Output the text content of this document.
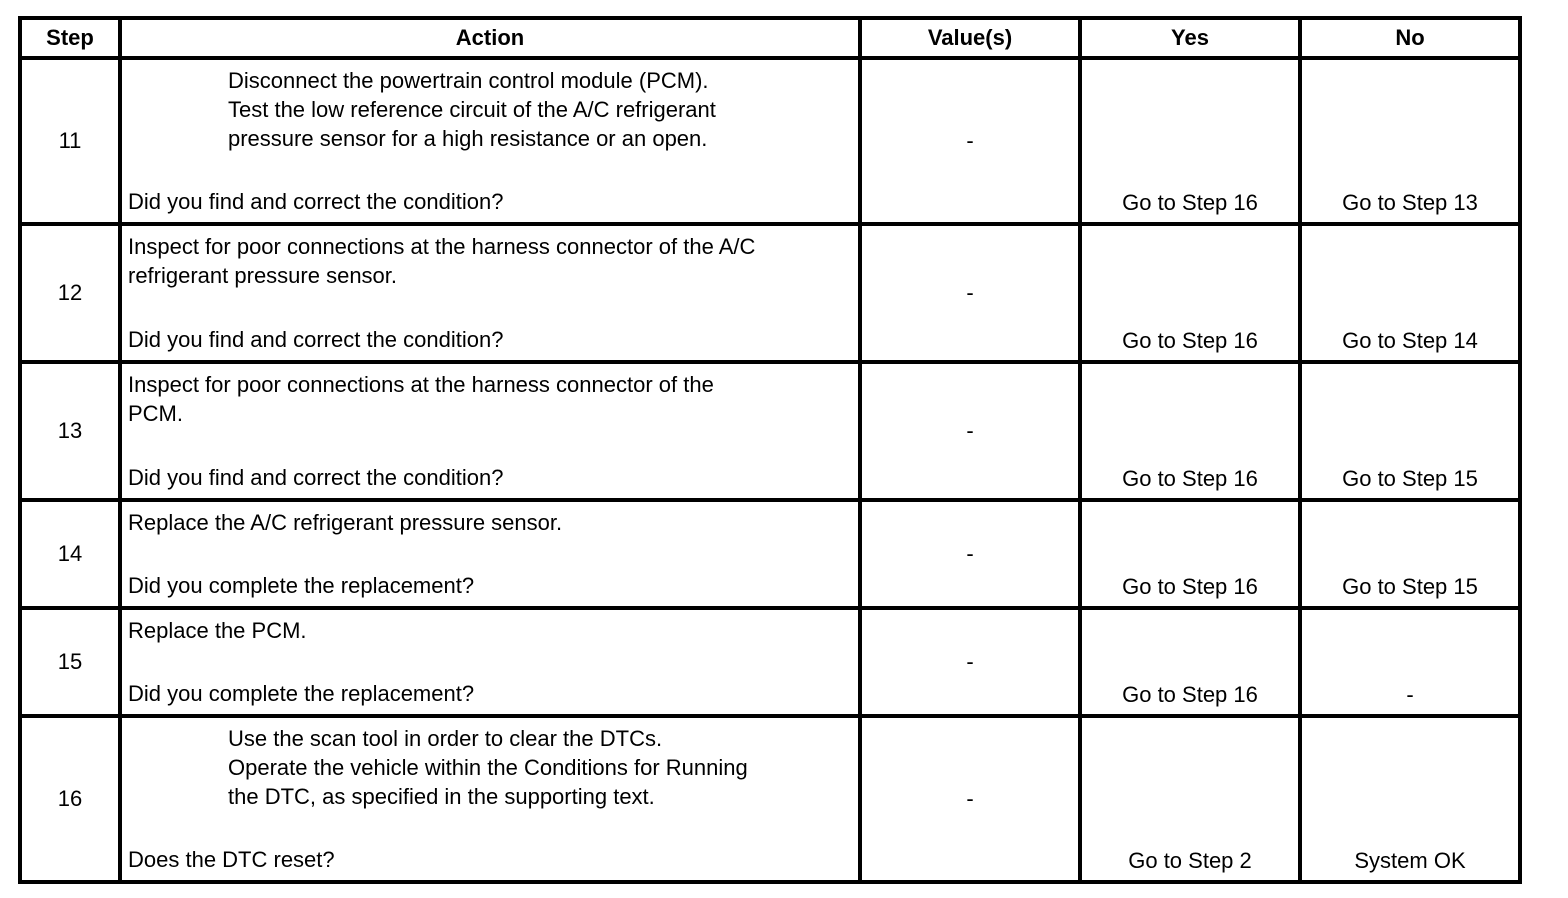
Step	Action	Value(s)	Yes	No
11	Disconnect the powertrain control module (PCM).
Test the low reference circuit of the A/C refrigerant
pressure sensor for a high resistance or an open.
Did you find and correct the condition?	-	Go to Step 16	Go to Step 13

12	Inspect for poor connections at the harness connector of the A/C
refrigerant pressure sensor.
Did you find and correct the condition?	-	Go to Step 16	Go to Step 14

13	Inspect for poor connections at the harness connector of the
PCM.
Did you find and correct the condition?	-	Go to Step 16	Go to Step 15

14	Replace the A/C refrigerant pressure sensor.
Did you complete the replacement?	-	Go to Step 16	Go to Step 15

15	Replace the PCM.
Did you complete the replacement?	-	Go to Step 16	-

16	Use the scan tool in order to clear the DTCs.
Operate the vehicle within the Conditions for Running
the DTC, as specified in the supporting text.
Does the DTC reset?	-	Go to Step 2	System OK
